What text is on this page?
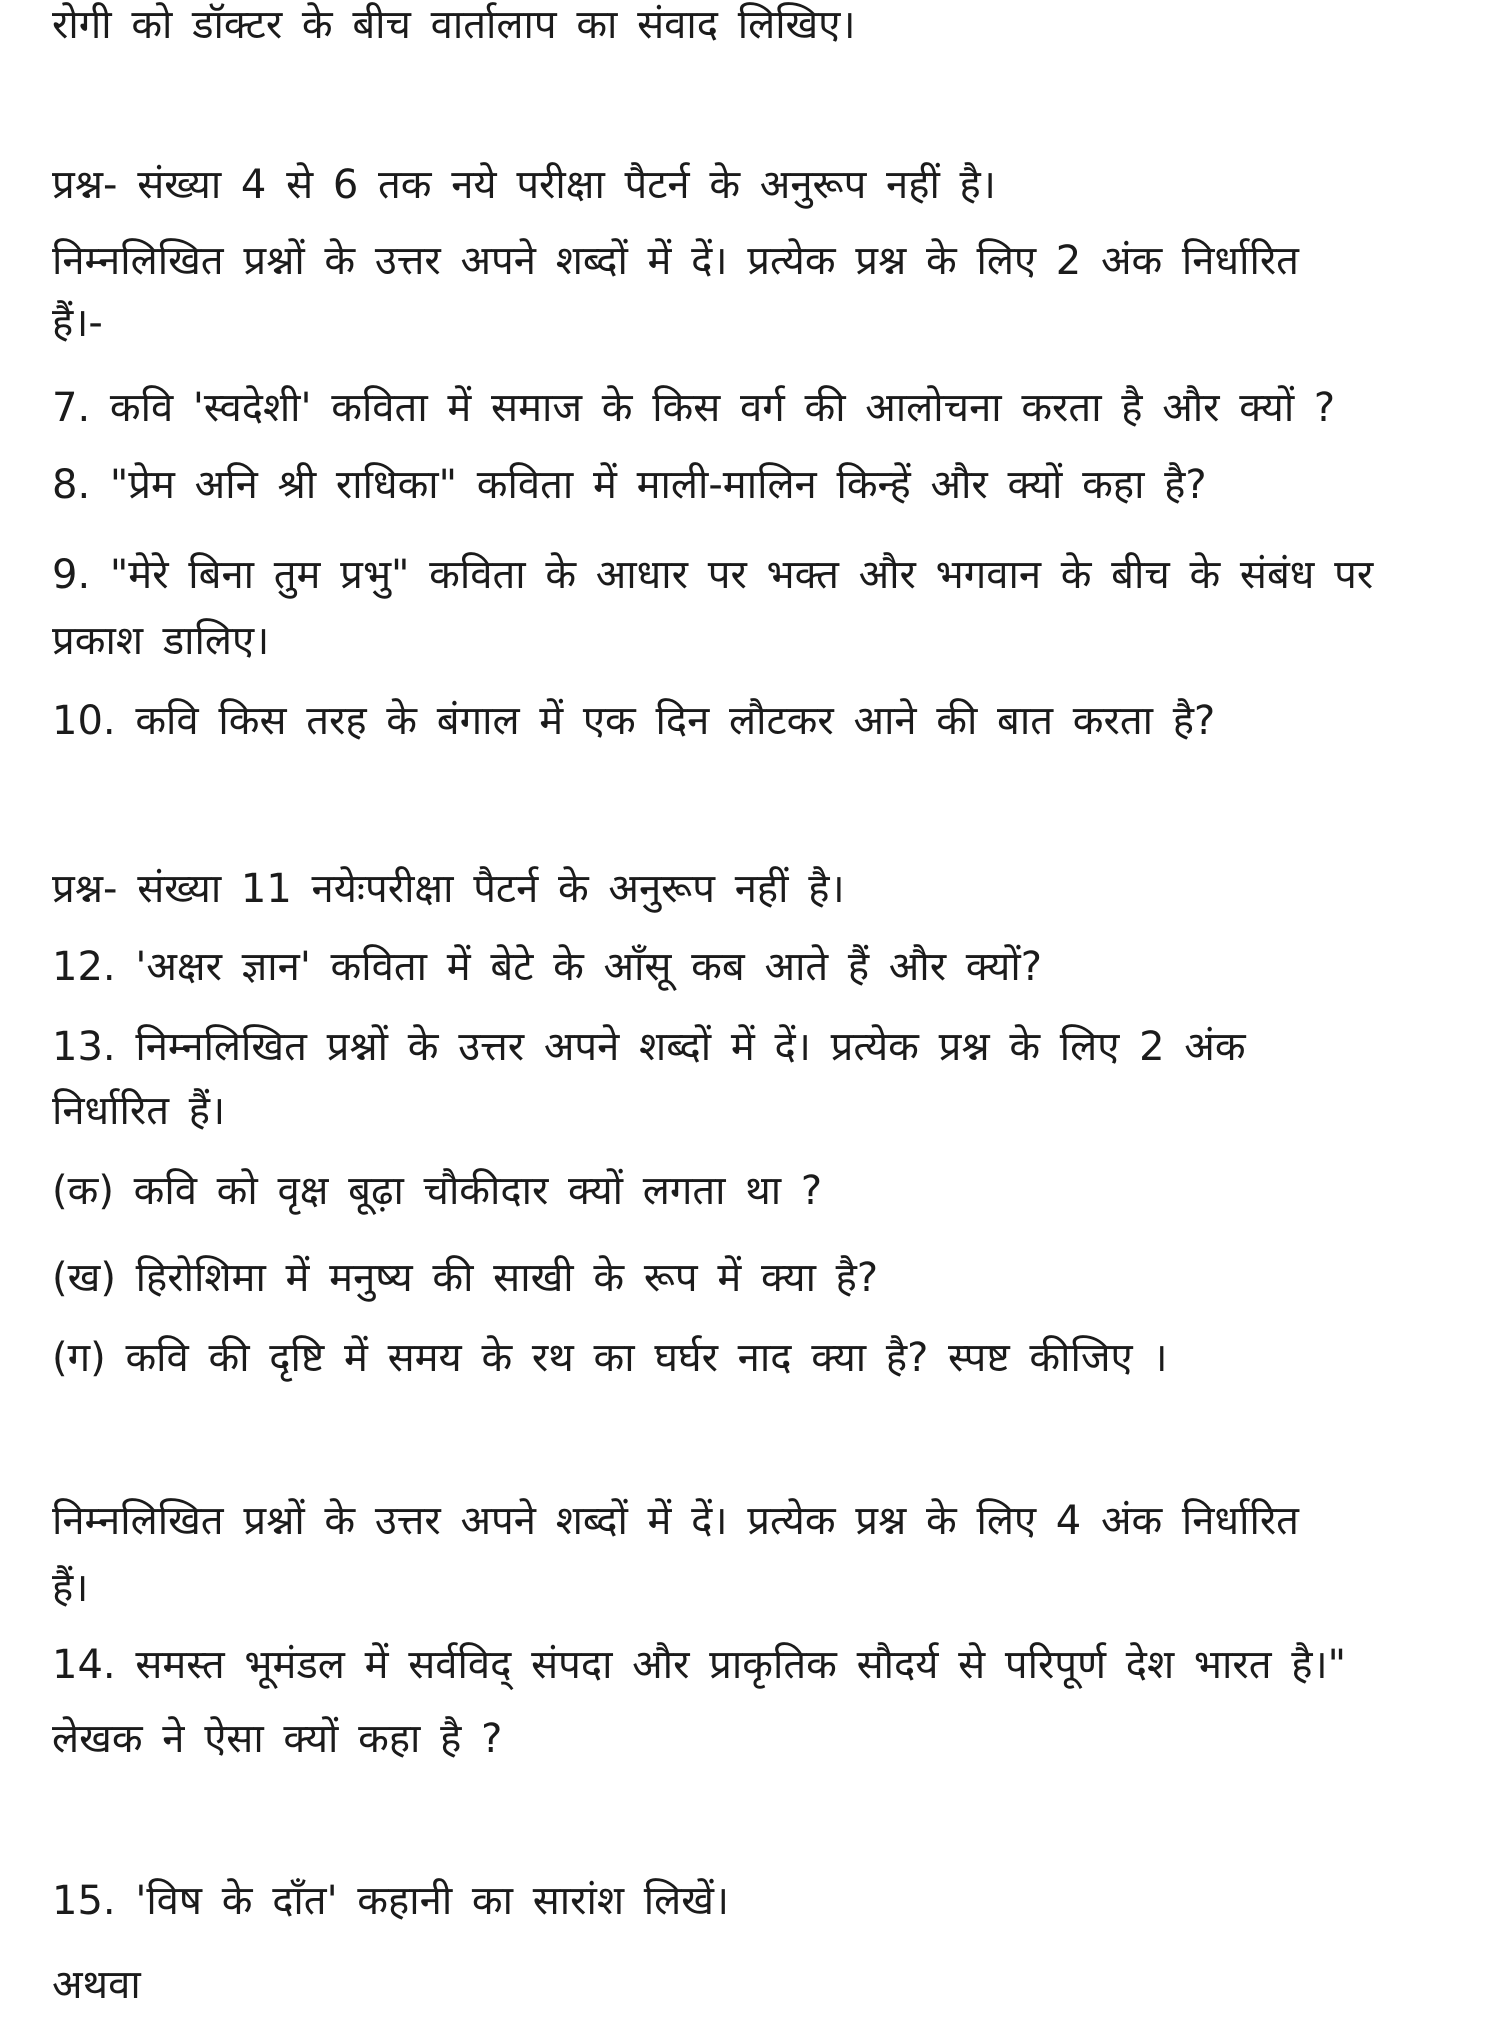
रोगी को डॉक्टर के बीच वार्तालाप का संवाद लिखिए।
प्रश्न- संख्या 4 से 6 तक नये परीक्षा पैटर्न के अनुरूप नहीं है।
निम्नलिखित प्रश्नों के उत्तर अपने शब्दों में दें। प्रत्येक प्रश्न के लिए 2 अंक निर्धारित
हैं।-
7. कवि 'स्वदेशी' कविता में समाज के किस वर्ग की आलोचना करता है और क्यों ?
8. "प्रेम अनि श्री राधिका" कविता में माली-मालिन किन्हें और क्यों कहा है?
9. "मेरे बिना तुम प्रभु" कविता के आधार पर भक्त और भगवान के बीच के संबंध पर
प्रकाश डालिए।
10. कवि किस तरह के बंगाल में एक दिन लौटकर आने की बात करता है?
प्रश्न- संख्या 11 नयेःपरीक्षा पैटर्न के अनुरूप नहीं है।
12. 'अक्षर ज्ञान' कविता में बेटे के आँसू कब आते हैं और क्यों?
13. निम्नलिखित प्रश्नों के उत्तर अपने शब्दों में दें। प्रत्येक प्रश्न के लिए 2 अंक
निर्धारित हैं।
(क) कवि को वृक्ष बूढ़ा चौकीदार क्यों लगता था ?
(ख) हिरोशिमा में मनुष्य की साखी के रूप में क्या है?
(ग) कवि की दृष्टि में समय के रथ का घर्घर नाद क्या है? स्पष्ट कीजिए ।
निम्नलिखित प्रश्नों के उत्तर अपने शब्दों में दें। प्रत्येक प्रश्न के लिए 4 अंक निर्धारित
हैं।
14. समस्त भूमंडल में सर्वविद् संपदा और प्राकृतिक सौदर्य से परिपूर्ण देश भारत है।"
लेखक ने ऐसा क्यों कहा है ?
15. 'विष के दाँत' कहानी का सारांश लिखें।
अथवा
